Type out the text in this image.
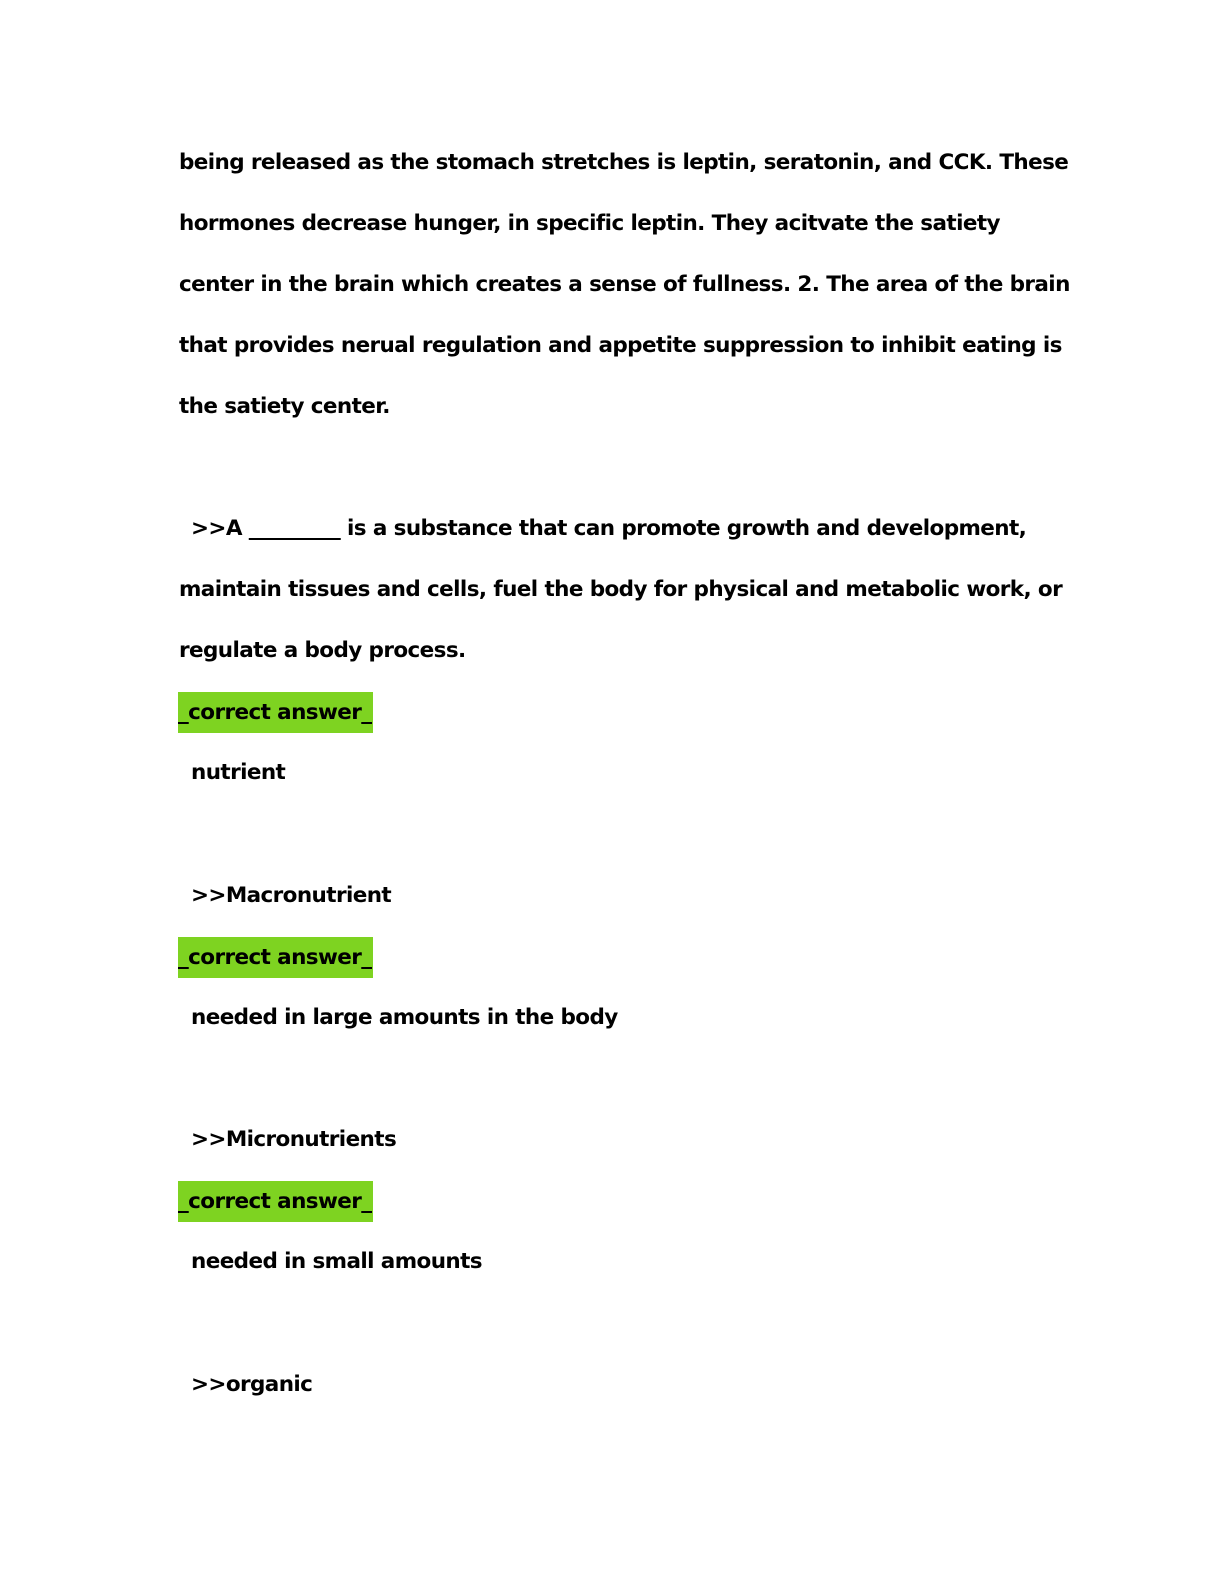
being released as the stomach stretches is leptin, seratonin, and CCK. These
hormones decrease hunger, in specific leptin. They acitvate the satiety
center in the brain which creates a sense of fullness. 2. The area of the brain
that provides nerual regulation and appetite suppression to inhibit eating is
the satiety center.
>>A _________ is a substance that can promote growth and development,
maintain tissues and cells, fuel the body for physical and metabolic work, or
regulate a body process.
_correct answer_
nutrient
>>Macronutrient
_correct answer_
needed in large amounts in the body
>>Micronutrients
_correct answer_
needed in small amounts
>>organic
